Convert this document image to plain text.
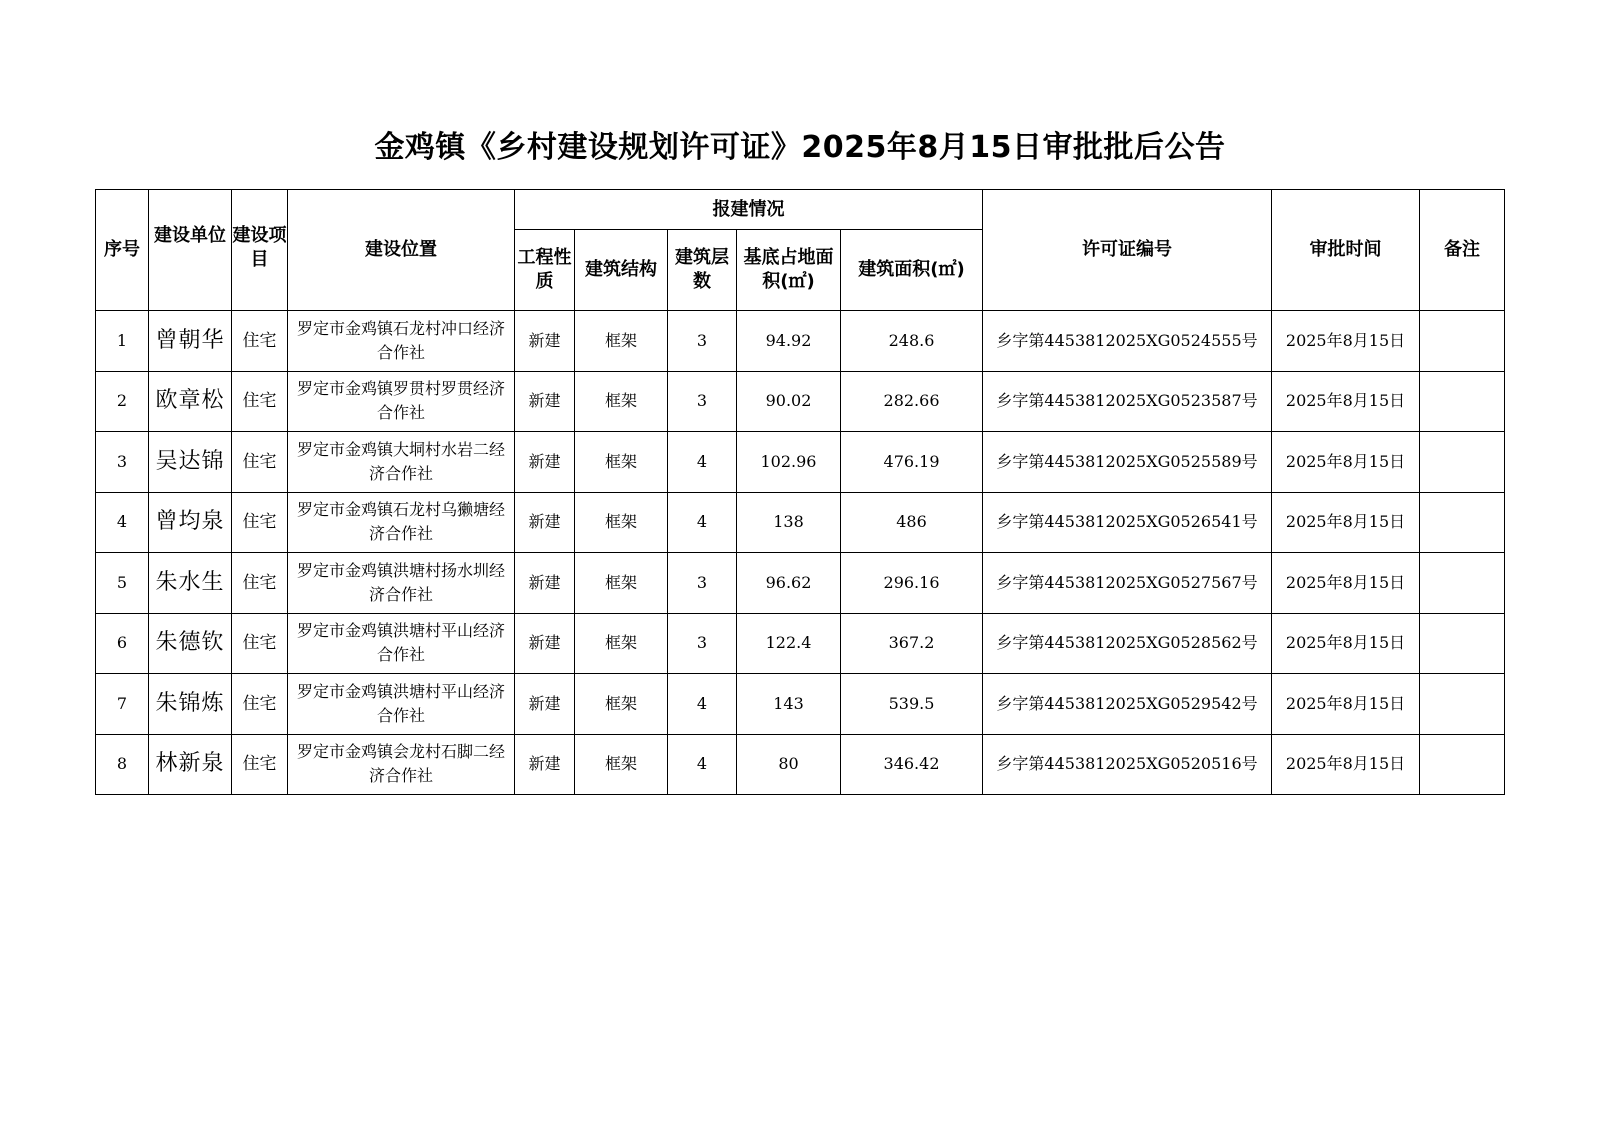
金鸡镇《乡村建设规划许可证》2025年8月15日审批批后公告
序号	建设单位	建设项目	建设位置	报建情况					许可证编号	审批时间	备注
				工程性质	建筑结构	建筑层数	基底占地面积(㎡)	建筑面积(㎡)			
1	曾朝华	住宅	罗定市金鸡镇石龙村冲口经济合作社	新建	框架	3	94.92	248.6	乡字第4453812025XG0524555号	2025年8月15日	
2	欧章松	住宅	罗定市金鸡镇罗贯村罗贯经济合作社	新建	框架	3	90.02	282.66	乡字第4453812025XG0523587号	2025年8月15日	
3	吴达锦	住宅	罗定市金鸡镇大垌村水岩二经济合作社	新建	框架	4	102.96	476.19	乡字第4453812025XG0525589号	2025年8月15日	
4	曾均泉	住宅	罗定市金鸡镇石龙村乌獭塘经济合作社	新建	框架	4	138	486	乡字第4453812025XG0526541号	2025年8月15日	
5	朱水生	住宅	罗定市金鸡镇洪塘村扬水圳经济合作社	新建	框架	3	96.62	296.16	乡字第4453812025XG0527567号	2025年8月15日	
6	朱德钦	住宅	罗定市金鸡镇洪塘村平山经济合作社	新建	框架	3	122.4	367.2	乡字第4453812025XG0528562号	2025年8月15日	
7	朱锦炼	住宅	罗定市金鸡镇洪塘村平山经济合作社	新建	框架	4	143	539.5	乡字第4453812025XG0529542号	2025年8月15日	
8	林新泉	住宅	罗定市金鸡镇会龙村石脚二经济合作社	新建	框架	4	80	346.42	乡字第4453812025XG0520516号	2025年8月15日	
